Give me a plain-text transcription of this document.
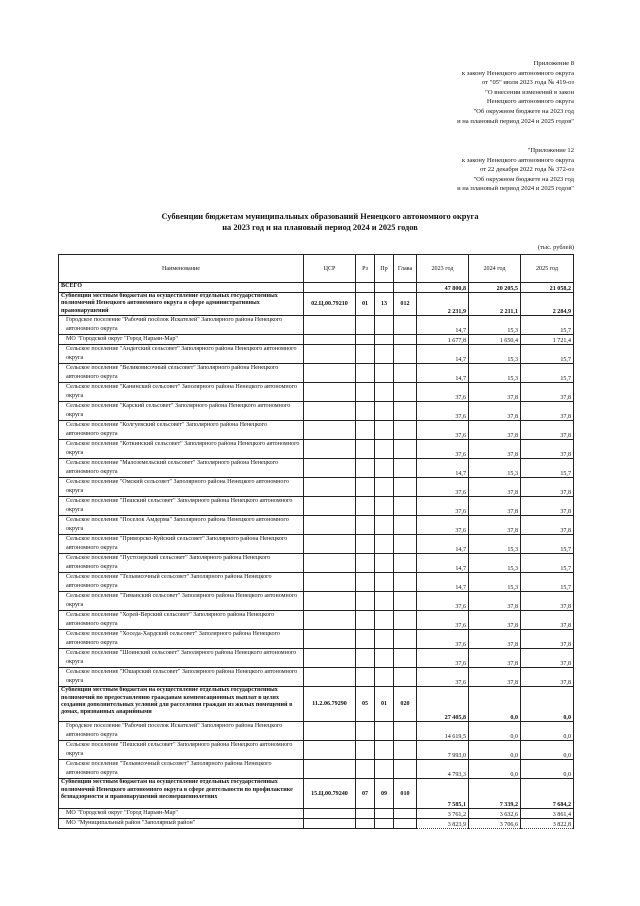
Приложение 8
к закону Ненецкого автономного округа
от "05" июля 2023 года № 419-оз
"О внесении изменений в закон
Ненецкого автономного округа
"Об окружном бюджете на 2023 год
и на плановый период 2024 и 2025 годов"
"Приложение 12
к закону Ненецкого автономного округа
от 22 декабря 2022 года № 372-оз
"Об окружном бюджете на 2023 год
и на плановый период 2024 и 2025 годов"
Субвенции бюджетам муниципальных образований Ненецкого автономного округа
на 2023 год и на плановый период 2024 и 2025 годов
(тыс. рублей)
Наименование	ЦСР	Рз	Пр	Глава	2023 год	2024 год	2025 год
ВСЕГО					47 800,8	20 205,5	21 058,2
Субвенции местным бюджетам на осуществление отдельных государственных полномочий Ненецкого автономного округа в сфере административных правонарушений	02.Ц.00.79210	01	13	012	2 231,9	2 211,1	2 284,9
Городское поселение "Рабочий посёлок Искателей" Заполярного района Ненецкого автономного округа					14,7	15,3	15,7
МО "Городской округ "Город Нарьян-Мар"					1 677,8	1 650,4	1 721,4
Сельское поселение "Андегский сельсовет" Заполярного района Ненецкого автономного округа					14,7	15,3	15,7
Сельское поселение "Великовисочный сельсовет" Заполярного района Ненецкого автономного округа					14,7	15,3	15,7
Сельское поселение "Канинский сельсовет" Заполярного района Ненецкого автономного округа					37,6	37,8	37,8
Сельское поселение "Карский сельсовет" Заполярного района Ненецкого автономного округа					37,6	37,8	37,8
Сельское поселение "Колгуевский сельсовет" Заполярного района Ненецкого автономного округа					37,6	37,8	37,8
Сельское поселение "Коткинский сельсовет" Заполярного района Ненецкого автономного округа					37,6	37,8	37,8
Сельское поселение "Малоземельский сельсовет" Заполярного района Ненецкого автономного округа					14,7	15,3	15,7
Сельское поселение "Омский сельсовет" Заполярного района Ненецкого автономного округа					37,6	37,8	37,8
Сельское поселение "Пешский сельсовет" Заполярного района Ненецкого автономного округа					37,6	37,8	37,8
Сельское поселение "Поселок Амдерма" Заполярного района Ненецкого автономного округа					37,6	37,8	37,8
Сельское поселение "Приморско-Куйский сельсовет" Заполярного района Ненецкого автономного округа					14,7	15,3	15,7
Сельское поселение "Пустозерский сельсовет" Заполярного района Ненецкого автономного округа					14,7	15,3	15,7
Сельское поселение "Тельвисочный сельсовет" Заполярного района Ненецкого автономного округа					14,7	15,3	15,7
Сельское поселение "Тиманский сельсовет" Заполярного района Ненецкого автономного округа					37,6	37,8	37,8
Сельское поселение "Хорей-Верский сельсовет" Заполярного района Ненецкого автономного округа					37,6	37,8	37,8
Сельское поселение "Хоседа-Хардский сельсовет" Заполярного района Ненецкого автономного округа					37,6	37,8	37,8
Сельское поселение "Шоинский сельсовет" Заполярного района Ненецкого автономного округа					37,6	37,8	37,8
Сельское поселение "Юшарский сельсовет" Заполярного района Ненецкого автономного округа					37,6	37,8	37,8
Субвенции местным бюджетам на осуществление отдельных государственных полномочий по предоставлению гражданам компенсационных выплат в целях создания дополнительных условий для расселения граждан из жилых помещений в домах, признанных аварийными	11.2.06.79290	05	01	020	27 405,8	0,0	0,0
Городское поселение "Рабочий поселок Искателей" Заполярного района Ненецкого автономного округа					14 619,5	0,0	0,0
Сельское поселение "Пешский сельсовет" Заполярного района Ненецкого автономного округа					7 993,0	0,0	0,0
Сельское поселение "Тельвисочный сельсовет" Заполярного района Ненецкого автономного округа					4 793,3	0,0	0,0
Субвенции местным бюджетам на осуществление отдельных государственных полномочий Ненецкого автономного округа в сфере деятельности по профилактике безнадзорности и правонарушений несовершеннолетних	15.Ц.00.79240	07	09	010	7 585,1	7 339,2	7 684,2
МО "Городской округ "Город Нарьян-Мар"					3 761,2	3 632,6	3 861,4
МО "Муниципальный район "Заполярный район"					3 823,9	3 706,6	3 822,8
